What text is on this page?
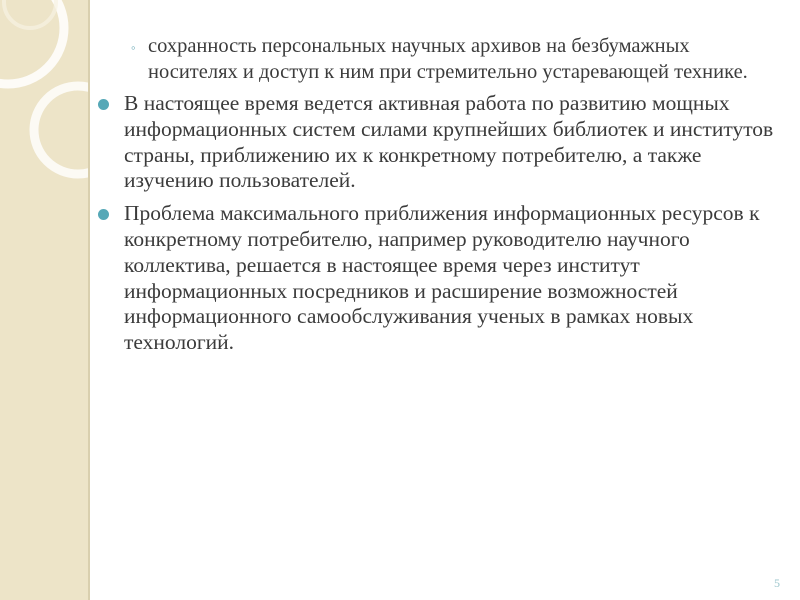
◦ сохранность персональных научных архивов на безбумажных носителях и доступ к ним при стремительно устаревающей технике.

В настоящее время ведется активная работа по развитию мощных информационных систем силами крупнейших библиотек и институтов страны, приближению их к конкретному потребителю, а также изучению пользователей.

Проблема максимального приближения информационных ресурсов к конкретному потребителю, например руководителю научного коллектива, решается в настоящее время через институт информационных посредников и расширение возможностей информационного самообслуживания ученых в рамках новых технологий.

5
